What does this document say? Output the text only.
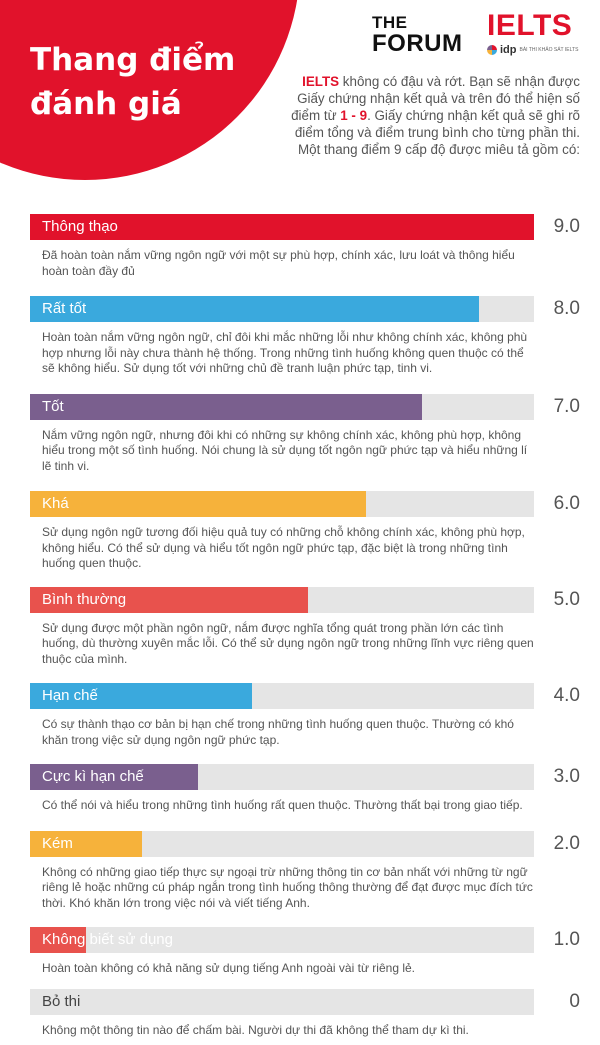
Thang điểm
đánh giá
THE
FORUM
IELTS
idp BÀI THI KHẢO SÁT IELTS

IELTS không có đậu và rớt. Bạn sẽ nhận được Giấy chứng nhận kết quả và trên đó thể hiện số điểm từ 1 - 9. Giấy chứng nhận kết quả sẽ ghi rõ điểm tổng và điểm trung bình cho từng phần thi. Một thang điểm 9 cấp độ được miêu tả gồm có:

Thông thạo	9.0

Đã hoàn toàn nắm vững ngôn ngữ với một sự phù hợp, chính xác, lưu loát và thông hiểu hoàn toàn đầy đủ

Rất tốt	8.0

Hoàn toàn nắm vững ngôn ngữ, chỉ đôi khi mắc những lỗi như không chính xác, không phù hợp nhưng lỗi này chưa thành hệ thống. Trong những tình huống không quen thuộc có thể sẽ không hiểu. Sử dụng tốt với những chủ đề tranh luận phức tạp, tinh vi.

Tốt	7.0

Nắm vững ngôn ngữ, nhưng đôi khi có những sự không chính xác, không phù hợp, không hiểu trong một số tình huống. Nói chung là sử dụng tốt ngôn ngữ phức tạp và hiểu những lí lẽ tinh vi.

Khá	6.0

Sử dụng ngôn ngữ tương đối hiệu quả tuy có những chỗ không chính xác, không phù hợp, không hiểu. Có thể sử dụng và hiểu tốt ngôn ngữ phức tạp, đặc biệt là trong những tình huống quen thuộc.

Bình thường	5.0

Sử dụng được một phần ngôn ngữ, nắm được nghĩa tổng quát trong phần lớn các tình huống, dù thường xuyên mắc lỗi. Có thể sử dụng ngôn ngữ trong những lĩnh vực riêng quen thuộc của mình.

Hạn chế	4.0

Có sự thành thạo cơ bản bị hạn chế trong những tình huống quen thuộc. Thường có khó khăn trong việc sử dụng ngôn ngữ phức tạp.

Cực kì hạn chế	3.0

Có thể nói và hiểu trong những tình huống rất quen thuộc. Thường thất bại trong giao tiếp.

Kém	2.0

Không có những giao tiếp thực sự ngoại trừ những thông tin cơ bản nhất với những từ ngữ riêng lẻ hoặc những cú pháp ngắn trong tình huống thông thường để đạt được mục đích tức thời. Khó khăn lớn trong việc nói và viết tiếng Anh.

Không biết sử dụng	1.0

Hoàn toàn không có khả năng sử dụng tiếng Anh ngoài vài từ riêng lẻ.

Bỏ thi	0

Không một thông tin nào để chấm bài. Người dự thi đã không thể tham dự kì thi.
